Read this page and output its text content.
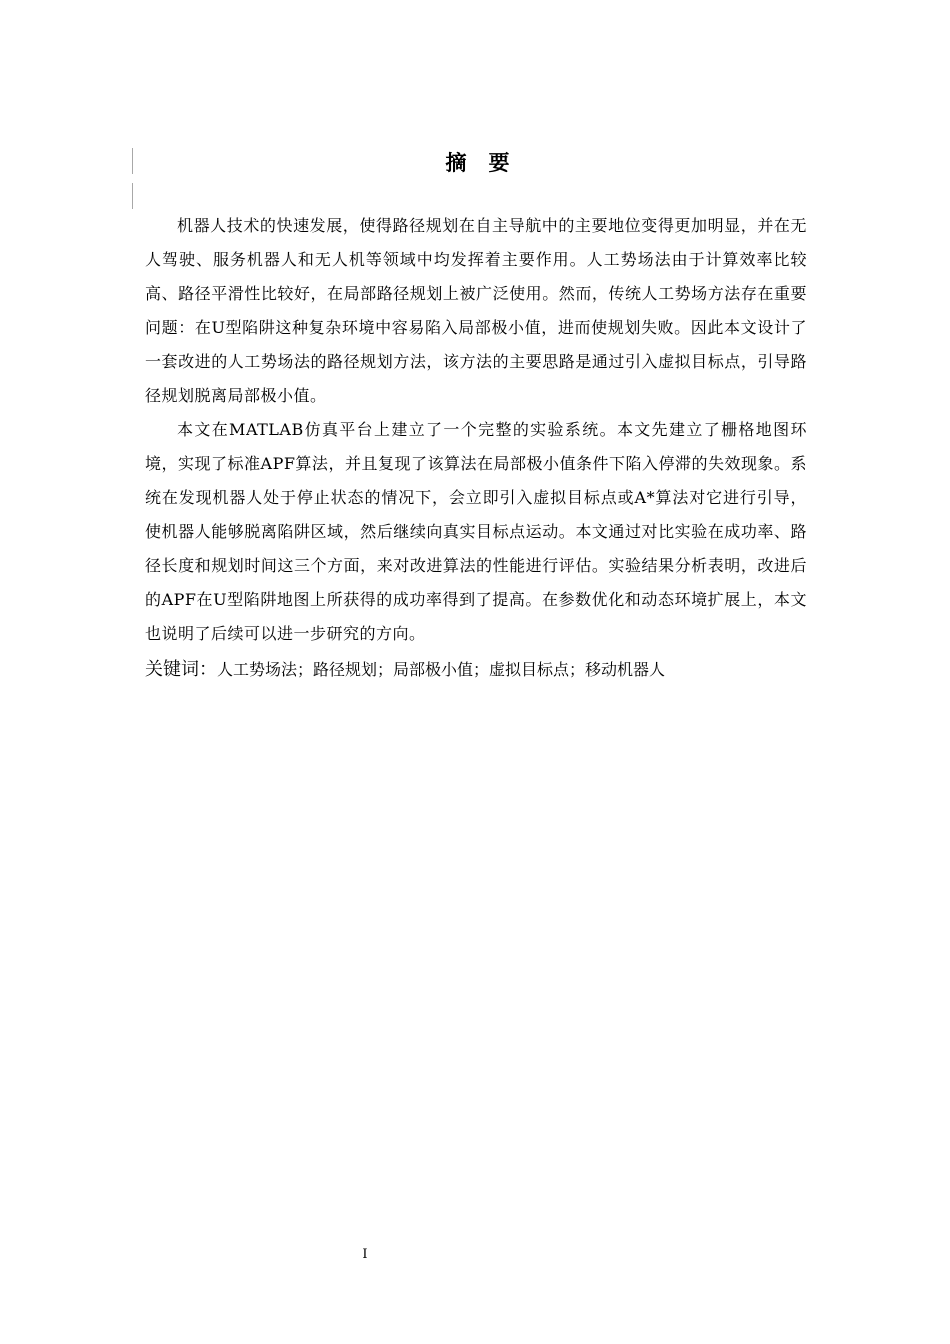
摘 要

机器人技术的快速发展，使得路径规划在自主导航中的主要地位变得更加明显，并在无人驾驶、服务机器人和无人机等领域中均发挥着主要作用。人工势场法由于计算效率比较高、路径平滑性比较好，在局部路径规划上被广泛使用。然而，传统人工势场方法存在重要问题：在U型陷阱这种复杂环境中容易陷入局部极小值，进而使规划失败。因此本文设计了一套改进的人工势场法的路径规划方法，该方法的主要思路是通过引入虚拟目标点，引导路径规划脱离局部极小值。

本文在MATLAB仿真平台上建立了一个完整的实验系统。本文先建立了栅格地图环境，实现了标准APF算法，并且复现了该算法在局部极小值条件下陷入停滞的失效现象。系统在发现机器人处于停止状态的情况下，会立即引入虚拟目标点或A*算法对它进行引导，使机器人能够脱离陷阱区域，然后继续向真实目标点运动。本文通过对比实验在成功率、路径长度和规划时间这三个方面，来对改进算法的性能进行评估。实验结果分析表明，改进后的APF在U型陷阱地图上所获得的成功率得到了提高。在参数优化和动态环境扩展上，本文也说明了后续可以进一步研究的方向。

关键词：人工势场法；路径规划；局部极小值；虚拟目标点；移动机器人

I
